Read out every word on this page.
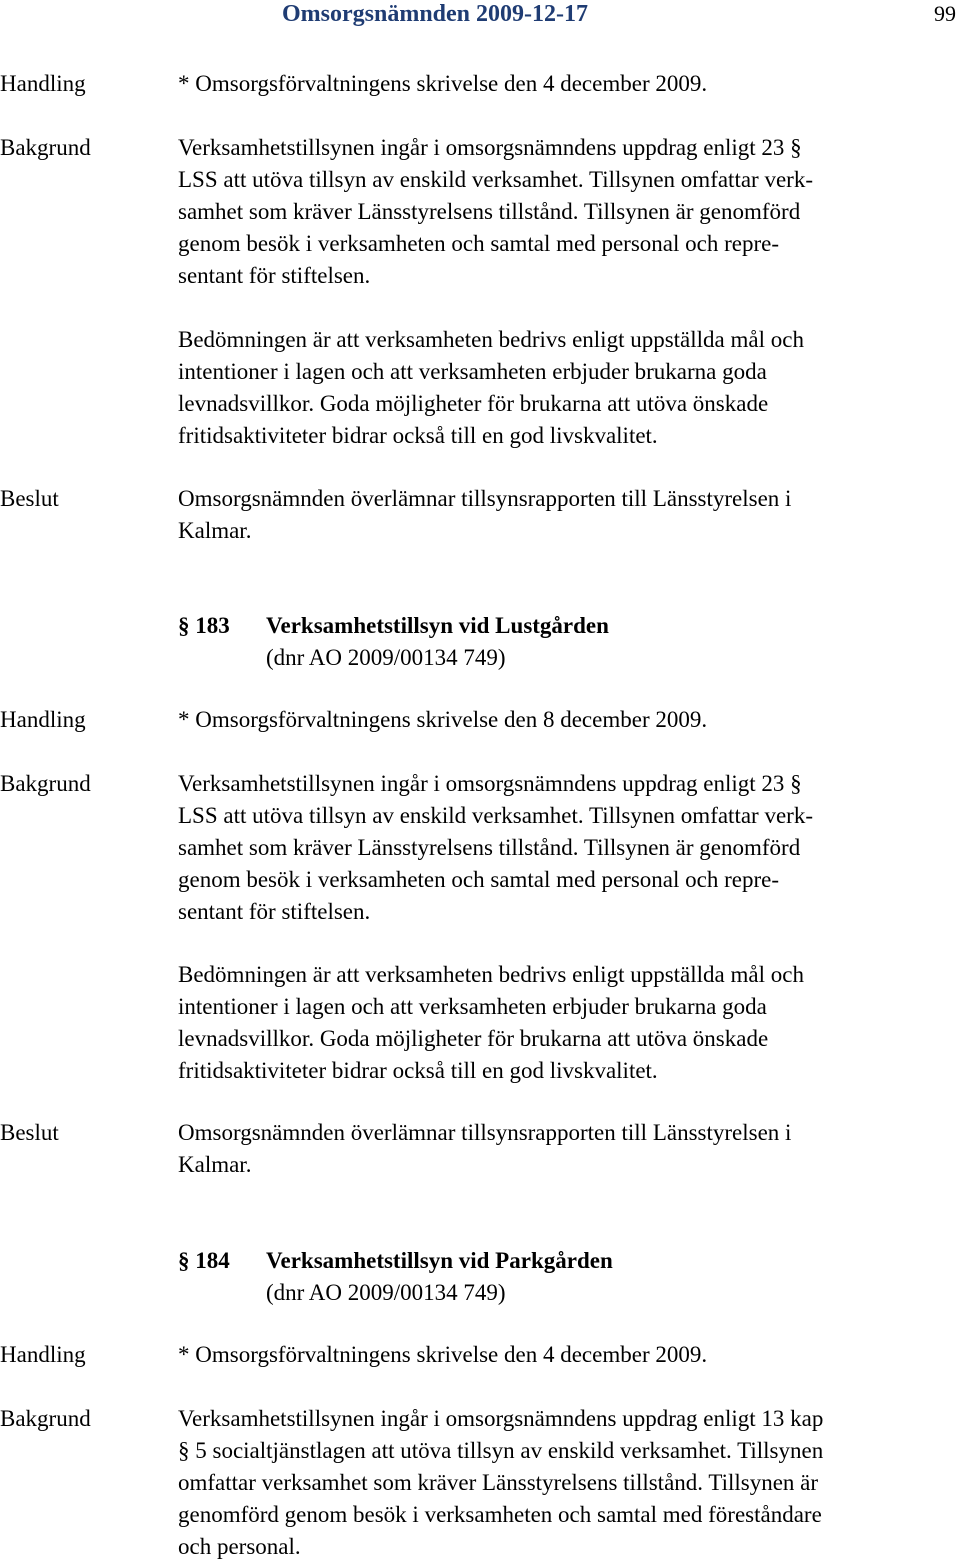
Omsorgsnämnden 2009-12-17	99
Handling	* Omsorgsförvaltningens skrivelse den 4 december 2009.
Bakgrund	Verksamhetstillsynen ingår i omsorgsnämndens uppdrag enligt 23 §
LSS att utöva tillsyn av enskild verksamhet. Tillsynen omfattar verk-
samhet som kräver Länsstyrelsens tillstånd. Tillsynen är genomförd
genom besök i verksamheten och samtal med personal och repre-
sentant för stiftelsen.
Bedömningen är att verksamheten bedrivs enligt uppställda mål och
intentioner i lagen och att verksamheten erbjuder brukarna goda
levnadsvillkor. Goda möjligheter för brukarna att utöva önskade
fritidsaktiviteter bidrar också till en god livskvalitet.
Beslut	Omsorgsnämnden överlämnar tillsynsrapporten till Länsstyrelsen i
Kalmar.
§ 183 Verksamhetstillsyn vid Lustgården
(dnr AO 2009/00134 749)
Handling	* Omsorgsförvaltningens skrivelse den 8 december 2009.
Bakgrund	Verksamhetstillsynen ingår i omsorgsnämndens uppdrag enligt 23 §
LSS att utöva tillsyn av enskild verksamhet. Tillsynen omfattar verk-
samhet som kräver Länsstyrelsens tillstånd. Tillsynen är genomförd
genom besök i verksamheten och samtal med personal och repre-
sentant för stiftelsen.
Bedömningen är att verksamheten bedrivs enligt uppställda mål och
intentioner i lagen och att verksamheten erbjuder brukarna goda
levnadsvillkor. Goda möjligheter för brukarna att utöva önskade
fritidsaktiviteter bidrar också till en god livskvalitet.
Beslut	Omsorgsnämnden överlämnar tillsynsrapporten till Länsstyrelsen i
Kalmar.
§ 184 Verksamhetstillsyn vid Parkgården
(dnr AO 2009/00134 749)
Handling	* Omsorgsförvaltningens skrivelse den 4 december 2009.
Bakgrund	Verksamhetstillsynen ingår i omsorgsnämndens uppdrag enligt 13 kap
§ 5 socialtjänstlagen att utöva tillsyn av enskild verksamhet. Tillsynen
omfattar verksamhet som kräver Länsstyrelsens tillstånd. Tillsynen är
genomförd genom besök i verksamheten och samtal med föreståndare
och personal.
